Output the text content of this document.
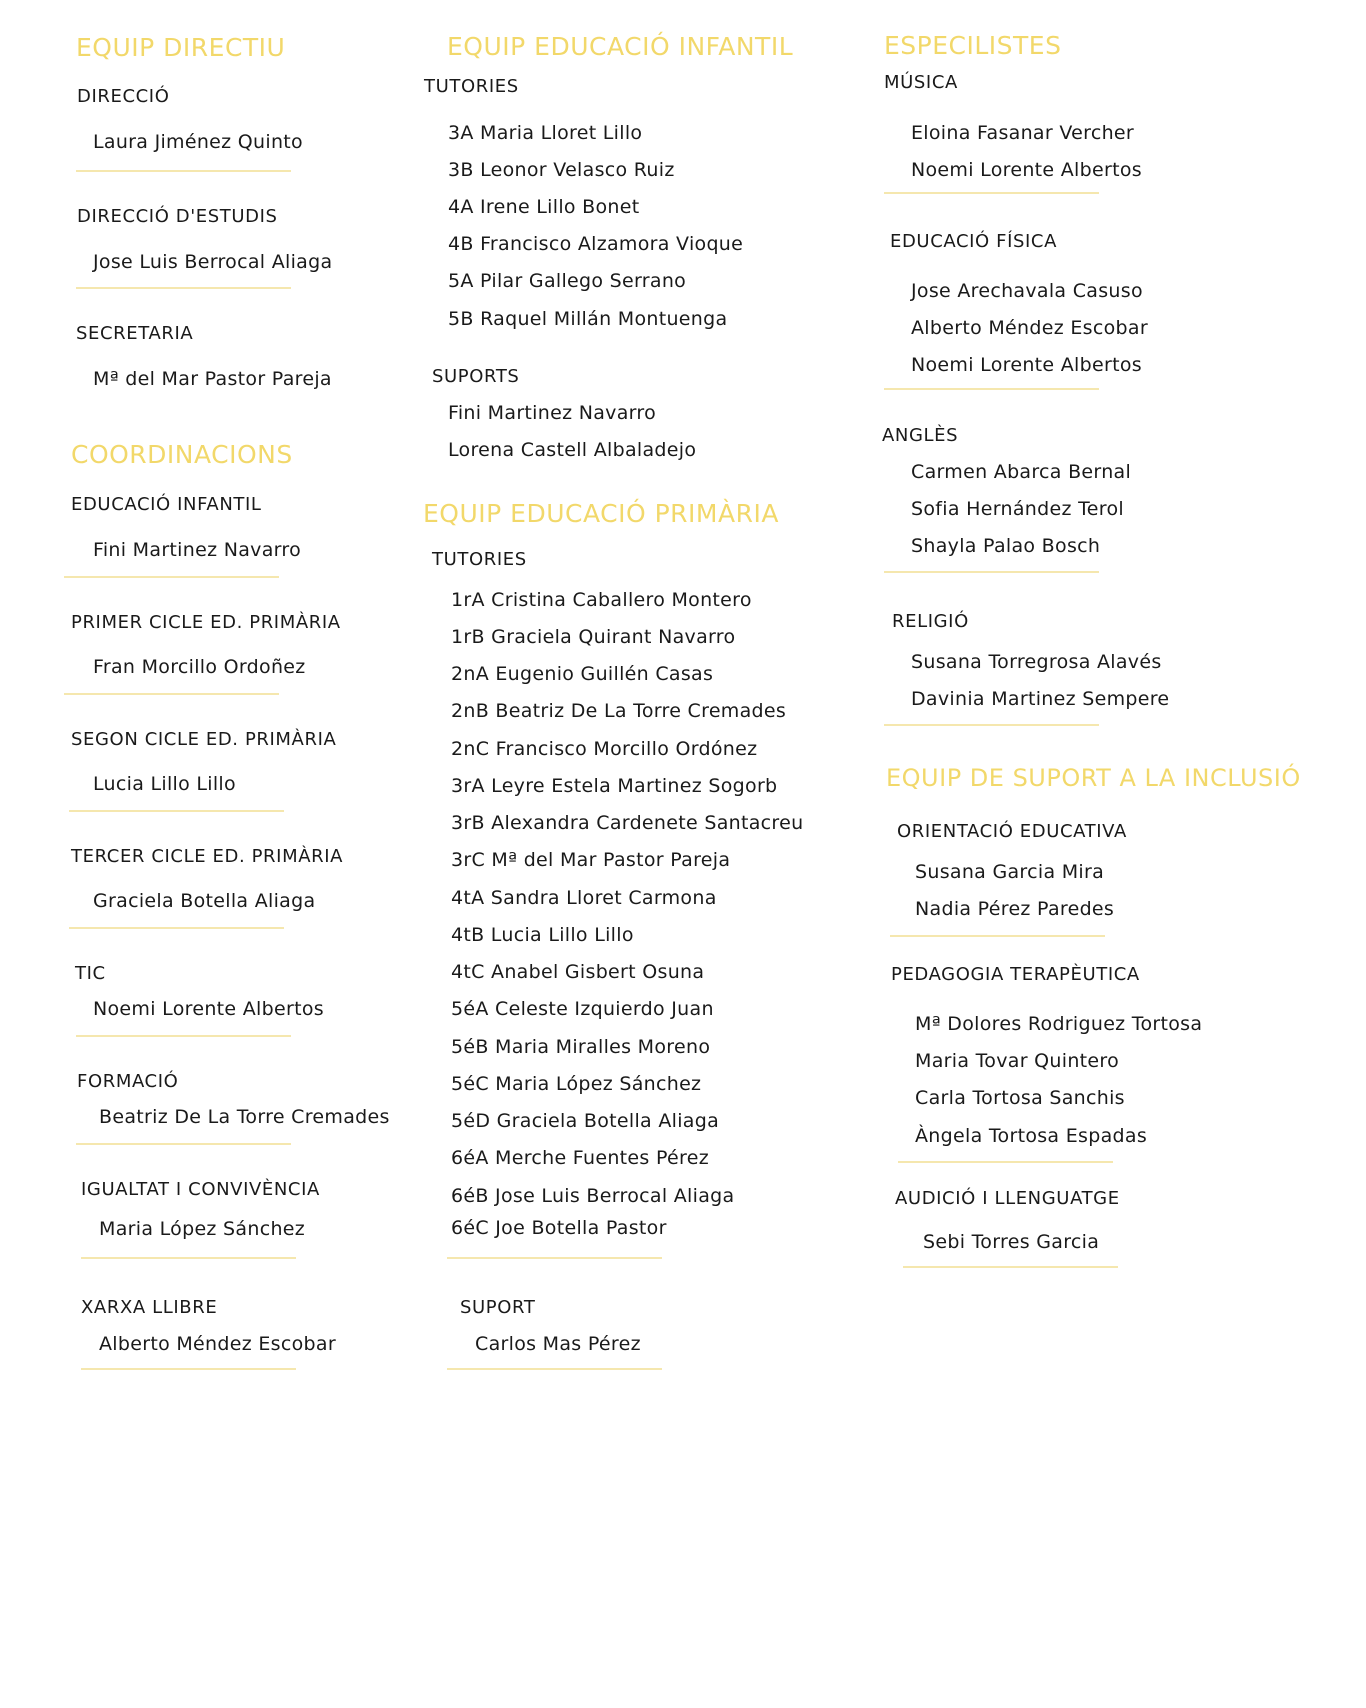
EQUIP DIRECTIU
DIRECCIÓ
Laura Jiménez Quinto
DIRECCIÓ D'ESTUDIS
Jose Luis Berrocal Aliaga
SECRETARIA
Mª del Mar Pastor Pareja
COORDINACIONS
EDUCACIÓ INFANTIL
Fini Martinez Navarro
PRIMER CICLE ED. PRIMÀRIA
Fran Morcillo Ordoñez
SEGON CICLE ED. PRIMÀRIA
Lucia Lillo Lillo
TERCER CICLE ED. PRIMÀRIA
Graciela Botella Aliaga
TIC
Noemi Lorente Albertos
FORMACIÓ
Beatriz De La Torre Cremades
IGUALTAT I CONVIVÈNCIA
Maria López Sánchez
XARXA LLIBRE
Alberto Méndez Escobar
EQUIP EDUCACIÓ INFANTIL
TUTORIES
3A Maria Lloret Lillo
3B Leonor Velasco Ruiz
4A Irene Lillo Bonet
4B Francisco Alzamora Vioque
5A Pilar Gallego Serrano
5B Raquel Millán Montuenga
SUPORTS
Fini Martinez Navarro
Lorena Castell Albaladejo
EQUIP EDUCACIÓ PRIMÀRIA
TUTORIES
1rA Cristina Caballero Montero
1rB Graciela Quirant Navarro
2nA Eugenio Guillén Casas
2nB Beatriz De La Torre Cremades
2nC Francisco Morcillo Ordónez
3rA Leyre Estela Martinez Sogorb
3rB Alexandra Cardenete Santacreu
3rC Mª del Mar Pastor Pareja
4tA Sandra Lloret Carmona
4tB Lucia Lillo Lillo
4tC Anabel Gisbert Osuna
5éA Celeste Izquierdo Juan
5éB Maria Miralles Moreno
5éC Maria López Sánchez
5éD Graciela Botella Aliaga
6éA Merche Fuentes Pérez
6éB Jose Luis Berrocal Aliaga
6éC Joe Botella Pastor
SUPORT
Carlos Mas Pérez
ESPECILISTES
MÚSICA
Eloina Fasanar Vercher
Noemi Lorente Albertos
EDUCACIÓ FÍSICA
Jose Arechavala Casuso
Alberto Méndez Escobar
Noemi Lorente Albertos
ANGLÈS
Carmen Abarca Bernal
Sofia Hernández Terol
Shayla Palao Bosch
RELIGIÓ
Susana Torregrosa Alavés
Davinia Martinez Sempere
EQUIP DE SUPORT A LA INCLUSIÓ
ORIENTACIÓ EDUCATIVA
Susana Garcia Mira
Nadia Pérez Paredes
PEDAGOGIA TERAPÈUTICA
Mª Dolores Rodriguez Tortosa
Maria Tovar Quintero
Carla Tortosa Sanchis
Àngela Tortosa Espadas
AUDICIÓ I LLENGUATGE
Sebi Torres Garcia
